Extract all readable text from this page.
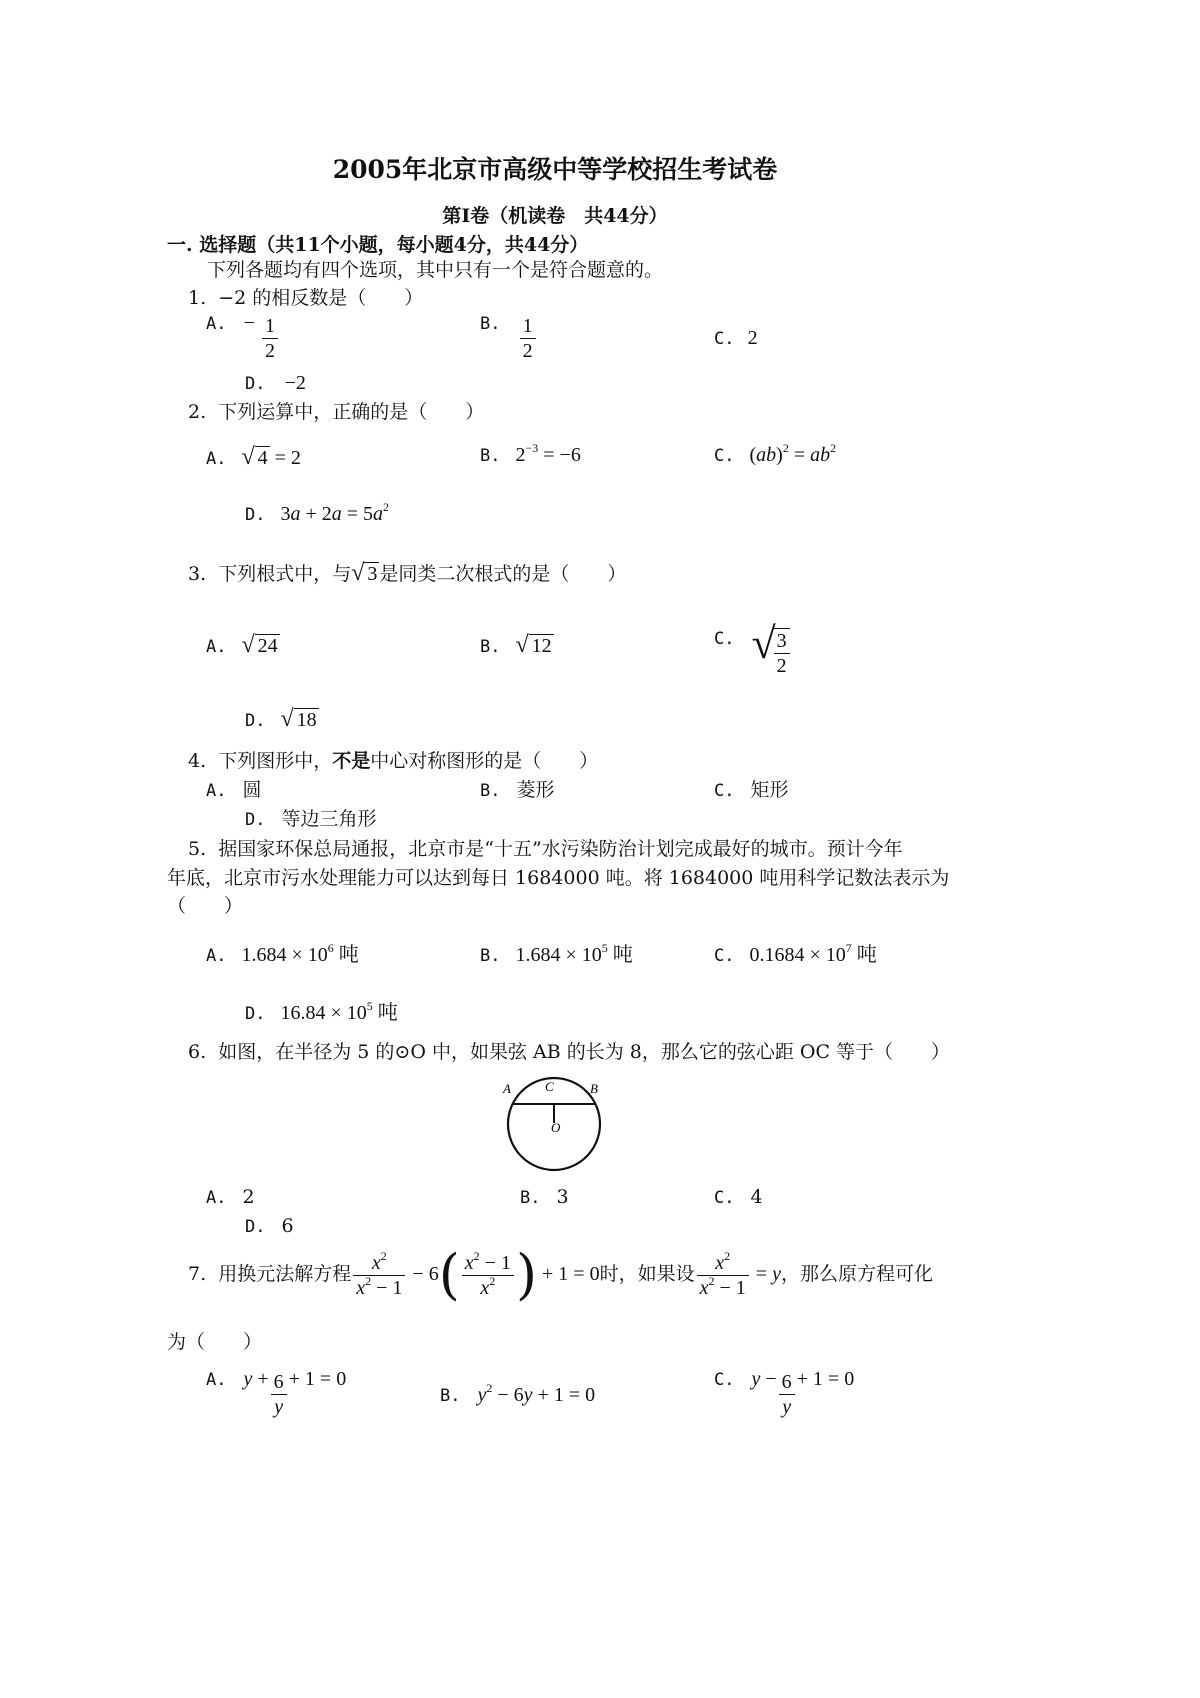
2005年北京市高级中等学校招生考试卷
第I卷（机读卷　共44分）
一. 选择题（共11个小题，每小题4分，共44分）
下列各题均有四个选项，其中只有一个是符合题意的。
1. −2 的相反数是（　　）
A. − $\frac{1}{2}$	B. $\frac{1}{2}$	C. 2
D. −2
2. 下列运算中，正确的是（　　）
A. √ 4 = 2	B. $2^{-3} = -6$	C. $(ab)^2 = ab^2$
D. $3a + 2a = 5a^2$
3. 下列根式中，与√ 3 是同类二次根式的是（　　）
A. √ 24	B. √ 12	$^{C.}$ √
$\frac{3}{2}$
D. √ 18
4. 下列图形中，不是中心对称图形的是（　　）
A. 圆	B. 菱形	C. 矩形
D. 等边三角形
5. 据国家环保总局通报，北京市是“十五”水污染防治计划完成最好的城市。预计今年
年底，北京市污水处理能力可以达到每日 1684000 吨。将 1684000 吨用科学记数法表示为
（　　）
A. $1.684 \times 10^6$ 吨	B. $1.684 \times 10^5$ 吨	C. $0.1684 \times 10^7$ 吨
D. $16.84 \times 10^5$ 吨
6. 如图，在半径为 5 的⊙O 中，如果弦 AB 的长为 8，那么它的弦心距 OC 等于（　　）
A	C	B
O
A. 2	B. 3	C. 4
D. 6
7. 用换元法解方程 $\frac{x^2}{x^2 - 1} - 6( \frac{x^2 - 1}{x^2}$ ) + 1 = 0时，如果设 $\frac{x^2}{x^2 - 1} = y$，那么原方程可化
为（　　）
$^{A.}$ $y + \frac{6}{y} + 1 = 0$
B. $y^2 - 6y + 1 = 0$
$^{C.}$ $y - \frac{6}{y} + 1 = 0$
